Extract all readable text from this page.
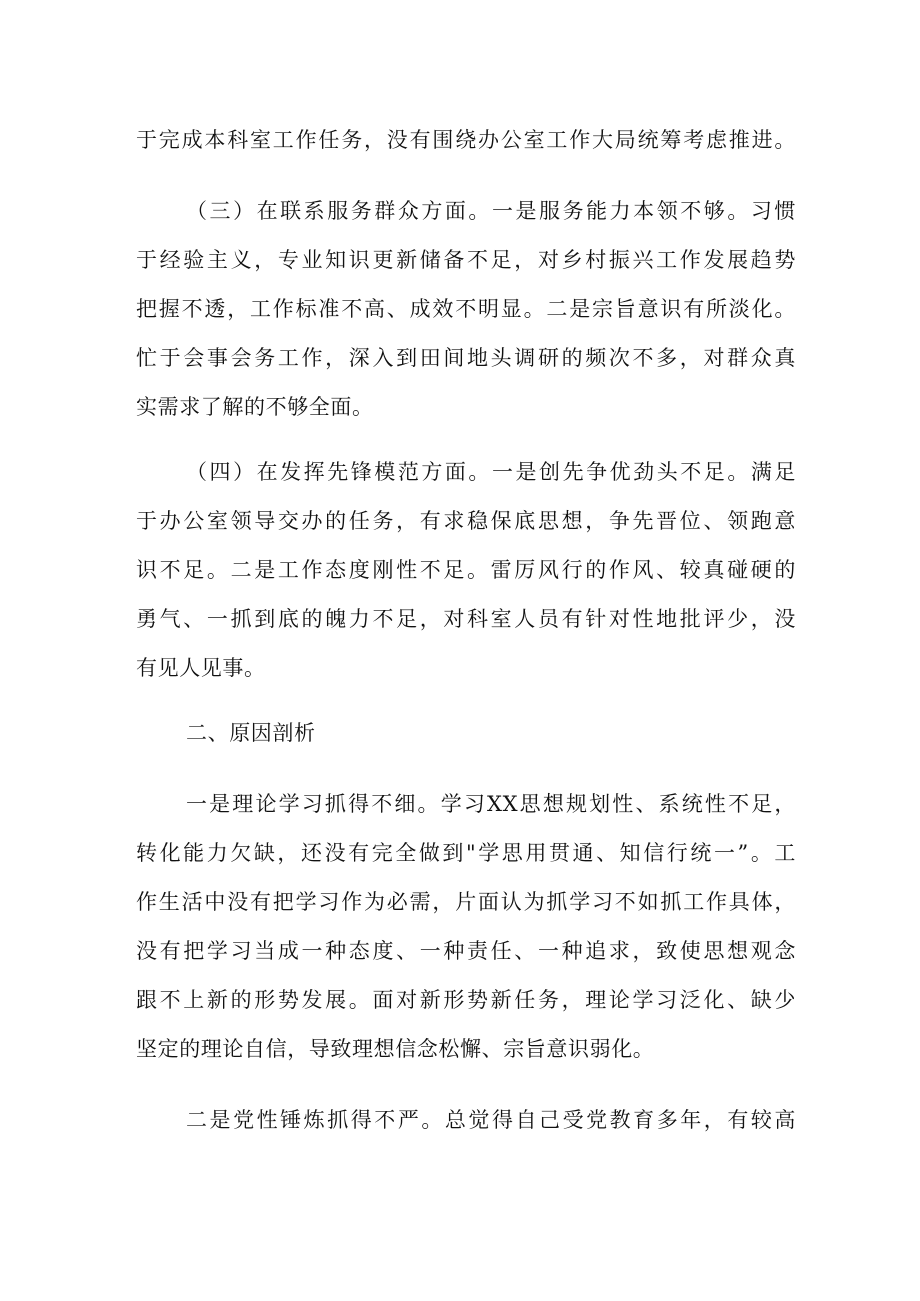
于完成本科室工作任务，没有围绕办公室工作大局统筹考虑推进。
（三）在联系服务群众方面。一是服务能力本领不够。习惯
于经验主义，专业知识更新储备不足，对乡村振兴工作发展趋势
把握不透，工作标准不高、成效不明显。二是宗旨意识有所淡化。
忙于会事会务工作，深入到田间地头调研的频次不多，对群众真
实需求了解的不够全面。
（四）在发挥先锋模范方面。一是创先争优劲头不足。满足
于办公室领导交办的任务，有求稳保底思想，争先晋位、领跑意
识不足。二是工作态度刚性不足。雷厉风行的作风、较真碰硬的
勇气、一抓到底的魄力不足，对科室人员有针对性地批评少，没
有见人见事。
二、原因剖析
一是理论学习抓得不细。学习XX思想规划性、系统性不足，
转化能力欠缺，还没有完全做到"学思用贯通、知信行统一”。工
作生活中没有把学习作为必需，片面认为抓学习不如抓工作具体，
没有把学习当成一种态度、一种责任、一种追求，致使思想观念
跟不上新的形势发展。面对新形势新任务，理论学习泛化、缺少
坚定的理论自信，导致理想信念松懈、宗旨意识弱化。
二是党性锤炼抓得不严。总觉得自己受党教育多年，有较高
